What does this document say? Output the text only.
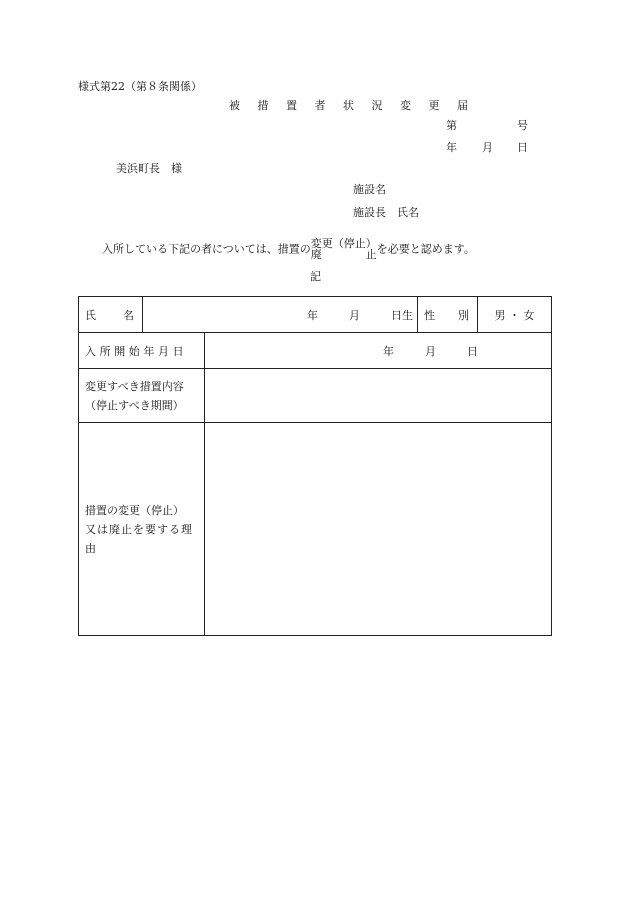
様式第22（第８条関係）
被 措 置 者 状 況 変 更 届
第	号
年 月 日
美浜町長　様
施設名
施設長　氏名
入所している下記の者については、措置の 変更（停止）
廃	止 を必要と認めます。
記
氏 名	年 月 日生		性 別	男 ・ 女
入所開始年月日		年 月 日		

変更すべき措置内容
（停止すべき期間）				

措置の変更（停止）
又は廃止を要する理
由				
